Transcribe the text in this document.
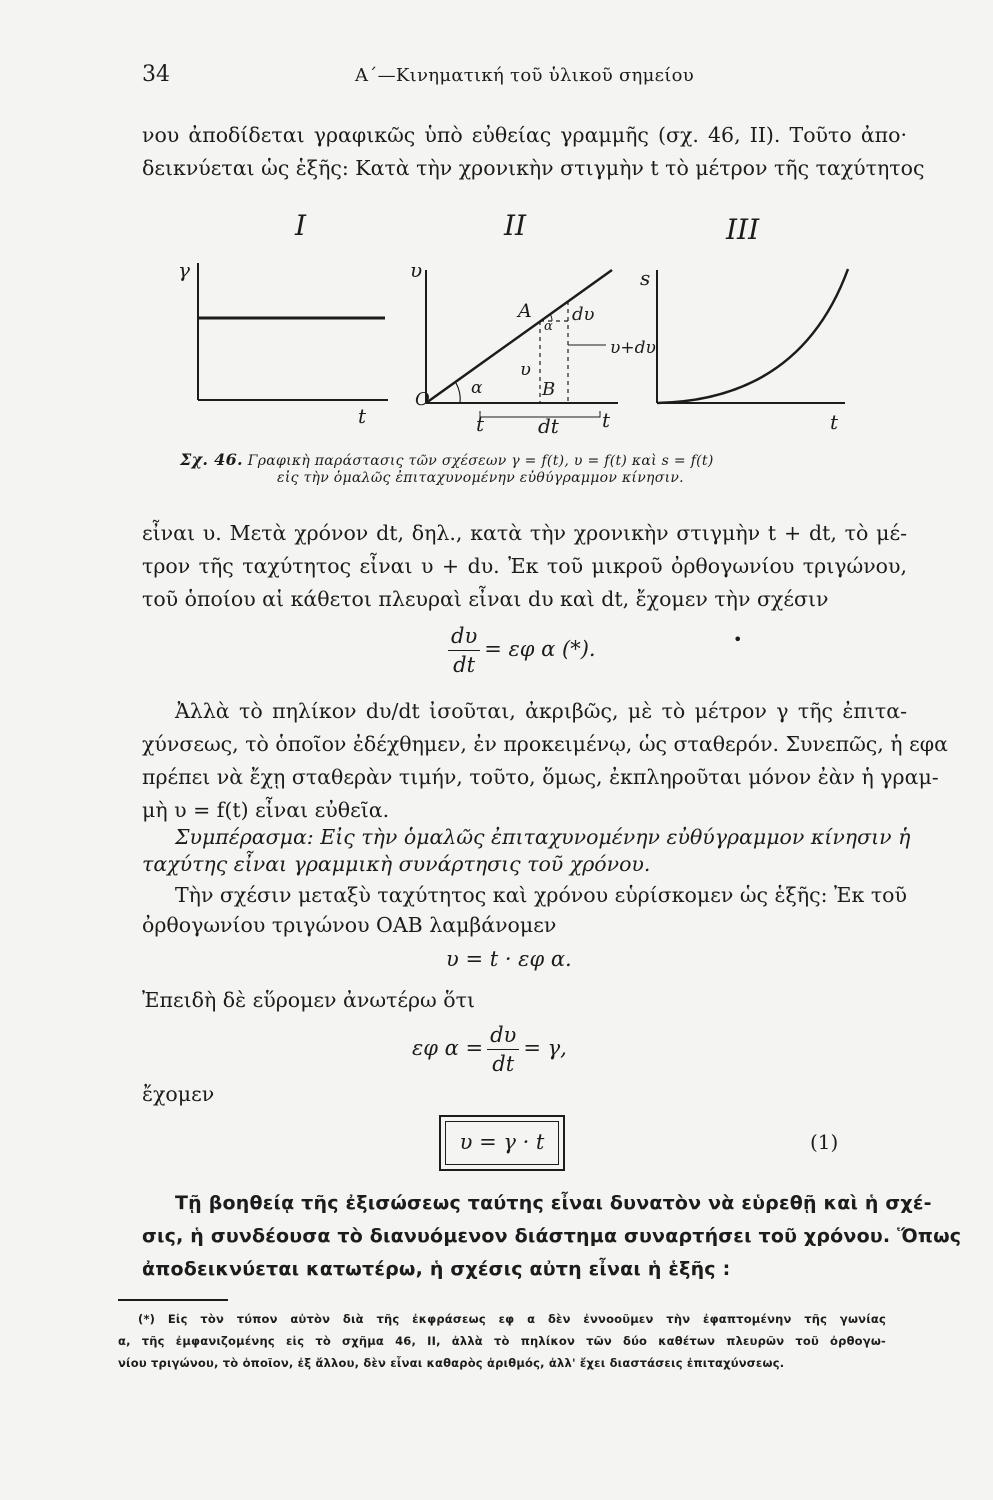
34	Α΄—Κινηματική τοῦ ὑλικοῦ σημείου
νου ἀποδίδεται γραφικῶς ὑπὸ εὐθείας γραμμῆς (σχ. 46, II). Τοῦτο ἀπο·
δεικνύεται ὡς ἑξῆς: Κατὰ τὴν χρονικὴν στιγμὴν t τὸ μέτρον τῆς ταχύτητος
I	II	III
γ
t
υ
O
A
α
dυ
υ+dυ
υ
B
α
t	dt t
s
t
Σχ. 46. Γραφικὴ παράστασις τῶν σχέσεων γ = f(t), υ = f(t) καὶ s = f(t)
εἰς τὴν ὁμαλῶς ἐπιταχυνομένην εὐθύγραμμον κίνησιν.
εἶναι υ. Μετὰ χρόνον dt, δηλ., κατὰ τὴν χρονικὴν στιγμὴν t + dt, τὸ μέ-
τρον τῆς ταχύτητος εἶναι υ + dυ. Ἐκ τοῦ μικροῦ ὀρθογωνίου τριγώνου,
τοῦ ὁποίου αἱ κάθετοι πλευραὶ εἶναι dυ καὶ dt, ἔχομεν τὴν σχέσιν
$\frac{d\upsilon}{dt} = \varepsilon\varphi$ α (*).	•
Ἀλλὰ τὸ πηλίκον dυ/dt ἰσοῦται, ἀκριβῶς, μὲ τὸ μέτρον γ τῆς ἐπιτα-
χύνσεως, τὸ ὁποῖον ἐδέχθημεν, ἐν προκειμένῳ, ὡς σταθερόν. Συνεπῶς, ἡ εφα
πρέπει νὰ ἔχῃ σταθερὰν τιμήν, τοῦτο, ὅμως, ἐκπληροῦται μόνον ἐὰν ἡ γραμ-
μὴ υ = f(t) εἶναι εὐθεῖα.
Συμπέρασμα: Εἰς τὴν ὁμαλῶς ἐπιταχυνομένην εὐθύγραμμον κίνησιν ἡ
ταχύτης εἶναι γραμμικὴ συνάρτησις τοῦ χρόνου.
Τὴν σχέσιν μεταξὺ ταχύτητος καὶ χρόνου εὑρίσκομεν ὡς ἑξῆς: Ἐκ τοῦ
ὀρθογωνίου τριγώνου ΟΑΒ λαμβάνομεν
υ = t · εφ α.
Ἐπειδὴ δὲ εὕρομεν ἀνωτέρω ὅτι
εφ $\alpha = \frac{d\upsilon}{dt} = \gamma$,
ἔχομεν
υ = γ · t	(1)
Τῇ βοηθείᾳ τῆς ἐξισώσεως ταύτης εἶναι δυνατὸν νὰ εὑρεθῇ καὶ ἡ σχέ-
σις, ἡ συνδέουσα τὸ διανυόμενον διάστημα συναρτήσει τοῦ χρόνου. Ὅπως
ἀποδεικνύεται κατωτέρω, ἡ σχέσις αὐτη εἶναι ἡ ἑξῆς :
(*) Εἰς τὸν τύπον αὐτὸν διὰ τῆς ἐκφράσεως εφ α δὲν ἐννοοῦμεν τὴν ἐφαπτομένην τῆς γωνίας
α, τῆς ἐμφανιζομένης εἰς τὸ σχῆμα 46, II, ἀλλὰ τὸ πηλίκον τῶν δύο καθέτων πλευρῶν τοῦ ὀρθογω-
νίου τριγώνου, τὸ ὁποῖον, ἐξ ἄλλου, δὲν εἶναι καθαρὸς ἀριθμός, ἀλλ' ἔχει διαστάσεις ἐπιταχύνσεως.
